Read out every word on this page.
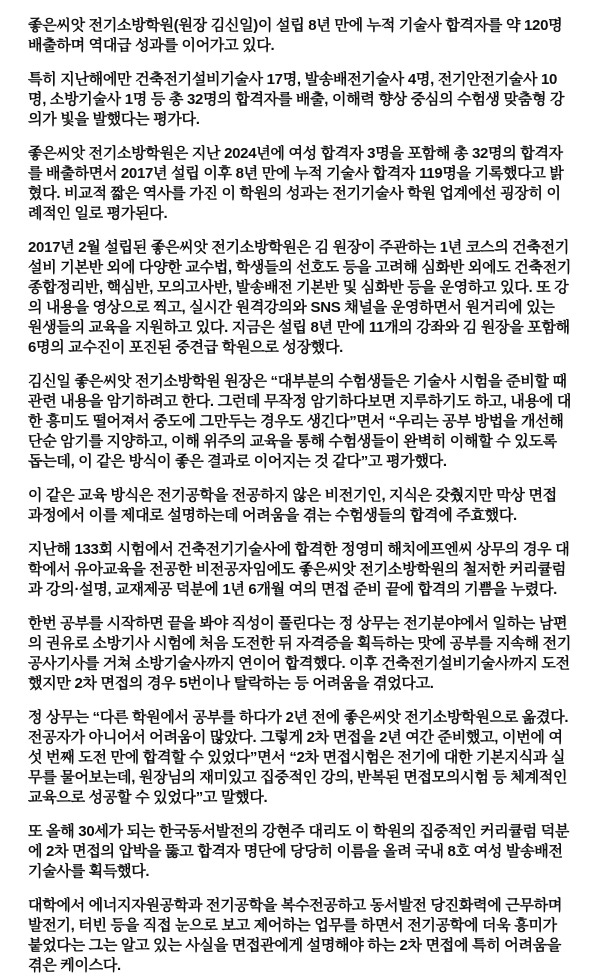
좋은씨앗 전기소방학원(원장 김신일)이 설립 8년 만에 누적 기술사 합격자를 약 120명 배출하며 역대급 성과를 이어가고 있다.

특히 지난해에만 건축전기설비기술사 17명, 발송배전기술사 4명, 전기안전기술사 10명, 소방기술사 1명 등 총 32명의 합격자를 배출, 이해력 향상 중심의 수험생 맞춤형 강의가 빛을 발했다는 평가다.

좋은씨앗 전기소방학원은 지난 2024년에 여성 합격자 3명을 포함해 총 32명의 합격자를 배출하면서 2017년 설립 이후 8년 만에 누적 기술사 합격자 119명을 기록했다고 밝혔다. 비교적 짧은 역사를 가진 이 학원의 성과는 전기기술사 학원 업계에선 굉장히 이례적인 일로 평가된다.

2017년 2월 설립된 좋은씨앗 전기소방학원은 김 원장이 주관하는 1년 코스의 건축전기설비 기본반 외에 다양한 교수법, 학생들의 선호도 등을 고려해 심화반 외에도 건축전기 종합정리반, 핵심반, 모의고사반, 발송배전 기본반 및 심화반 등을 운영하고 있다. 또 강의 내용을 영상으로 찍고, 실시간 원격강의와 SNS 채널을 운영하면서 원거리에 있는 원생들의 교육을 지원하고 있다. 지금은 설립 8년 만에 11개의 강좌와 김 원장을 포함해 6명의 교수진이 포진된 중견급 학원으로 성장했다.

김신일 좋은씨앗 전기소방학원 원장은 “대부분의 수험생들은 기술사 시험을 준비할 때 관련 내용을 암기하려고 한다. 그런데 무작정 암기하다보면 지루하기도 하고, 내용에 대한 흥미도 떨어져서 중도에 그만두는 경우도 생긴다”면서 “우리는 공부 방법을 개선해 단순 암기를 지양하고, 이해 위주의 교육을 통해 수험생들이 완벽히 이해할 수 있도록 돕는데, 이 같은 방식이 좋은 결과로 이어지는 것 같다”고 평가했다.

이 같은 교육 방식은 전기공학을 전공하지 않은 비전기인, 지식은 갖췄지만 막상 면접 과정에서 이를 제대로 설명하는데 어려움을 겪는 수험생들의 합격에 주효했다.

지난해 133회 시험에서 건축전기기술사에 합격한 정영미 해치에프엔씨 상무의 경우 대학에서 유아교육을 전공한 비전공자임에도 좋은씨앗 전기소방학원의 철저한 커리큘럼과 강의·설명, 교재제공 덕분에 1년 6개월 여의 면접 준비 끝에 합격의 기쁨을 누렸다.

한번 공부를 시작하면 끝을 봐야 직성이 풀린다는 정 상무는 전기분야에서 일하는 남편의 권유로 소방기사 시험에 처음 도전한 뒤 자격증을 획득하는 맛에 공부를 지속해 전기공사기사를 거쳐 소방기술사까지 연이어 합격했다. 이후 건축전기설비기술사까지 도전했지만 2차 면접의 경우 5번이나 탈락하는 등 어려움을 겪었다고.

정 상무는 “다른 학원에서 공부를 하다가 2년 전에 좋은씨앗 전기소방학원으로 옮겼다. 전공자가 아니어서 어려움이 많았다. 그렇게 2차 면접을 2년 여간 준비했고, 이번에 여섯 번째 도전 만에 합격할 수 있었다”면서 “2차 면접시험은 전기에 대한 기본지식과 실무를 물어보는데, 원장님의 재미있고 집중적인 강의, 반복된 면접모의시험 등 체계적인 교육으로 성공할 수 있었다”고 말했다.

또 올해 30세가 되는 한국동서발전의 강현주 대리도 이 학원의 집중적인 커리큘럼 덕분에 2차 면접의 압박을 뚫고 합격자 명단에 당당히 이름을 올려 국내 8호 여성 발송배전기술사를 획득했다.

대학에서 에너지자원공학과 전기공학을 복수전공하고 동서발전 당진화력에 근무하며 발전기, 터빈 등을 직접 눈으로 보고 제어하는 업무를 하면서 전기공학에 더욱 흥미가 붙었다는 그는 알고 있는 사실을 면접관에게 설명해야 하는 2차 면접에 특히 어려움을 겪은 케이스다.
